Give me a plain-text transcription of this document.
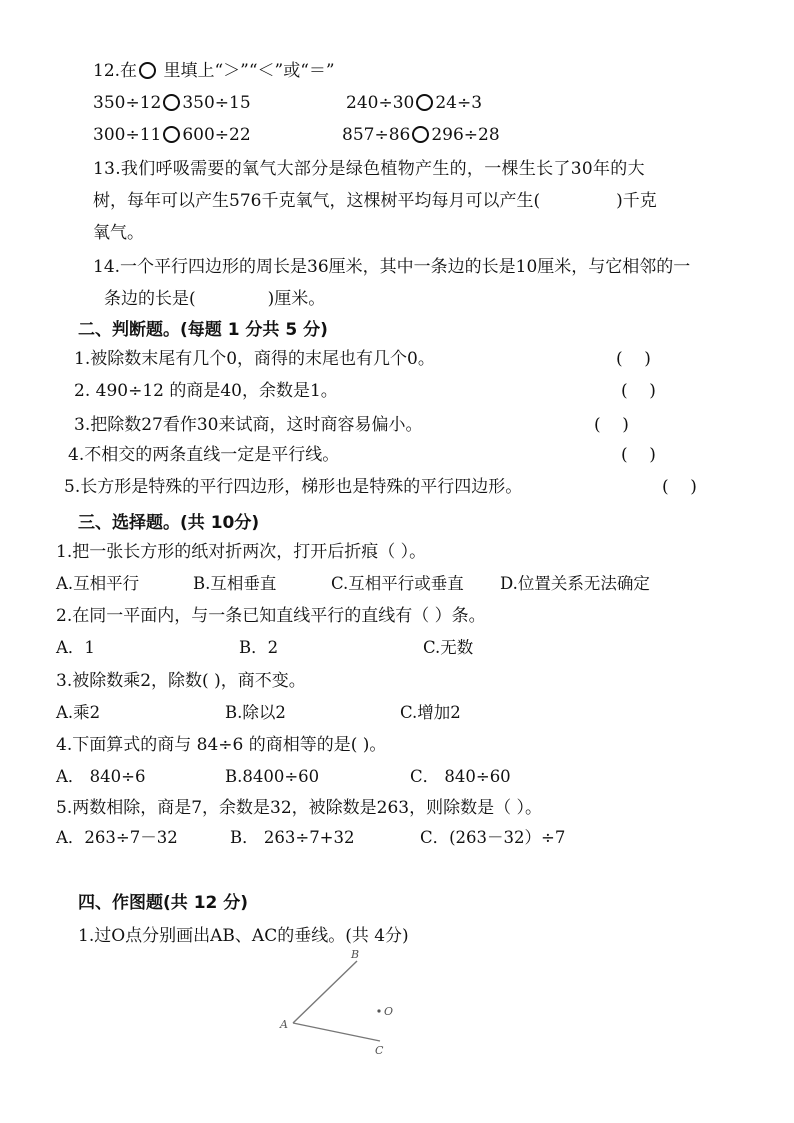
12.在 里填上“＞”“＜”或“＝”
350÷12 350÷15	240÷30 24÷3
300÷11 600÷22	857÷86 296÷28
13.我们呼吸需要的氧气大部分是绿色植物产生的，一棵生长了30年的大
树，每年可以产生576千克氧气，这棵树平均每月可以产生(	)千克
氧气。
14.一个平行四边形的周长是36厘米，其中一条边的长是10厘米，与它相邻的一
条边的长是(	)厘米。
二、判断题。(每题 1 分共 5 分)
1.被除数末尾有几个0，商得的末尾也有几个0。	(    )
2. 490÷12 的商是40，余数是1。	(    )
3.把除数27看作30来试商，这时商容易偏小。	(    )
4.不相交的两条直线一定是平行线。	(    )
5.长方形是特殊的平行四边形，梯形也是特殊的平行四边形。	(    )
三、选择题。(共 10分)
1.把一张长方形的纸对折两次，打开后折痕（ ）。
A.互相平行	B.互相垂直	C.互相平行或垂直 D.位置关系无法确定
2.在同一平面内，与一条已知直线平行的直线有（ ）条。
A．1	B．2	C.无数
3.被除数乘2，除数( )，商不变。
A.乘2	B.除以2	C.增加2
4.下面算式的商与 84÷6 的商相等的是( )。
A． 840÷6	B.8400÷60	C． 840÷60
5.两数相除，商是7，余数是32，被除数是263，则除数是（ ）。
A．263÷7－32	B． 263÷7+32	C．(263－32）÷7
四、作图题(共 12 分)
1.过O点分别画出AB、AC的垂线。(共 4分)
A
B
C
O
